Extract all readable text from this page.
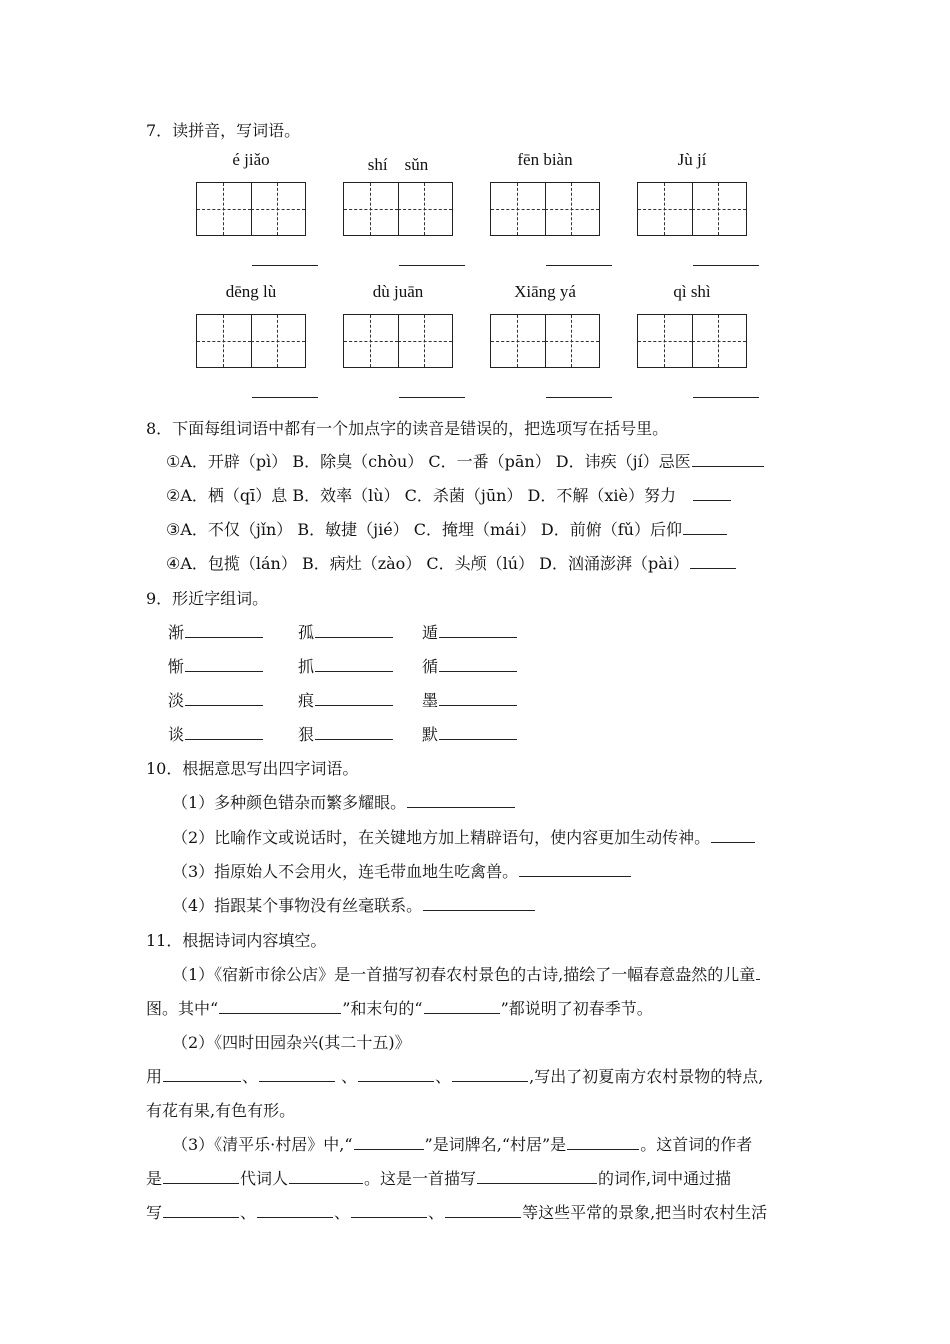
7．读拼音，写词语。
é jiǎo	shí　sǔn	fēn biàn	Jù jí
dēng lù	dù juān	Xiāng yá	qì shì
8．下面每组词语中都有一个加点字的读音是错误的，把选项写在括号里。
①A．开辟（pì） B．除臭（chòu） C．一番（pān） D．讳疾（jí）忌医
②A．栖（qī）息 B．效率（lù） C．杀菌（jūn） D．不解（xiè）努力
③A．不仅（jǐn） B．敏捷（jié） C．掩埋（mái） D．前俯（fǔ）后仰
④A．包揽（lán） B．病灶（zào） C．头颅（lú） D．汹涌澎湃（pài）
9．形近字组词。
渐	孤	遁
惭	抓	循
淡	痕	墨
谈	狠	默
10．根据意思写出四字词语。
（1）多种颜色错杂而繁多耀眼。
（2）比喻作文或说话时，在关键地方加上精辟语句，使内容更加生动传神。
（3）指原始人不会用火，连毛带血地生吃禽兽。
（4）指跟某个事物没有丝毫联系。
11．根据诗词内容填空。
（1）《宿新市徐公店》是一首描写初春农村景色的古诗,描绘了一幅春意盎然的儿童
图。其中“	”和末句的“	”都说明了初春季节。
（2）《四时田园杂兴(其二十五)》
用	、	、	、	,写出了初夏南方农村景物的特点,
有花有果,有色有形。
（3）《清平乐·村居》中,“	”是词牌名,“村居”是	。这首词的作者
是	代词人	。这是一首描写	的词作,词中通过描
写	、	、	、	等这些平常的景象,把当时农村生活
